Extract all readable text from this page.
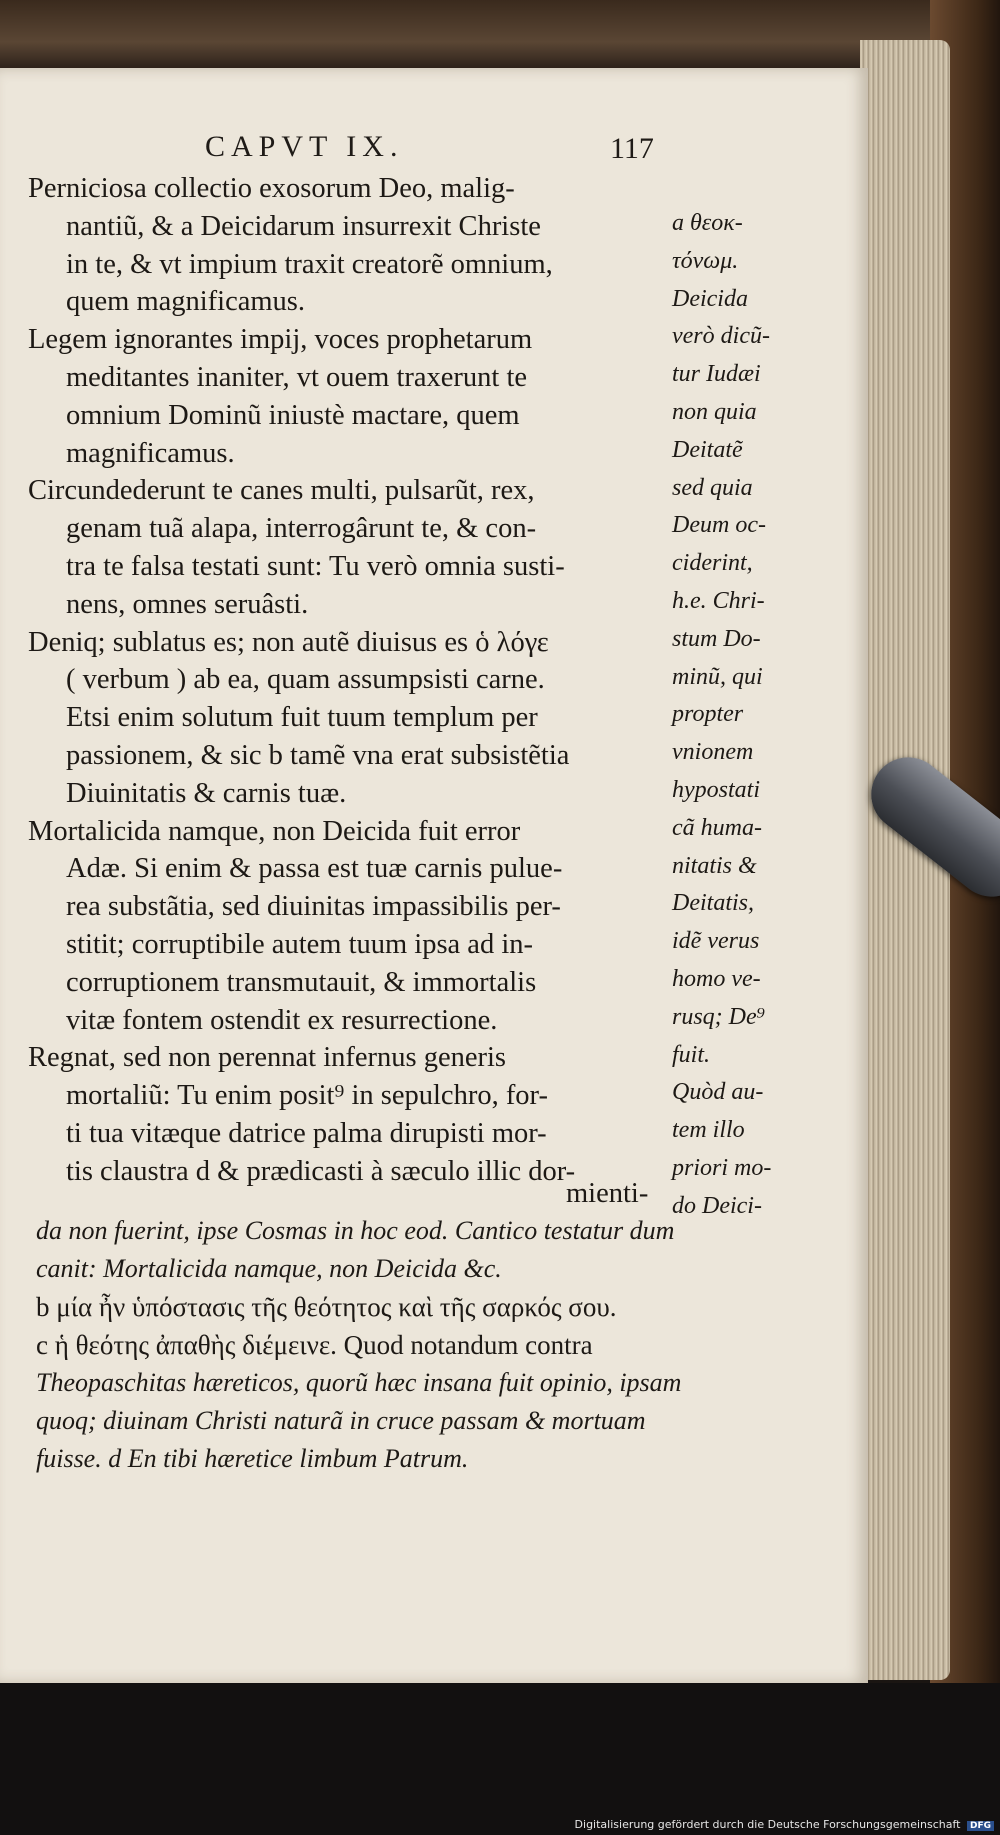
CAPVT IX.	117
Perniciosa collectio exosorum Deo, malig-
nantiũ, & a Deicidarum insurrexit Christe
in te, & vt impium traxit creatorẽ omnium,
quem magnificamus.
Legem ignorantes impij, voces prophetarum
meditantes inaniter, vt ouem traxerunt te
omnium Dominũ iniustè mactare, quem
magnificamus.
Circundederunt te canes multi, pulsarũt, rex,
genam tuã alapa, interrogârunt te, & con-
tra te falsa testati sunt: Tu verò omnia susti-
nens, omnes seruâsti.
Deniq; sublatus es; non autẽ diuisus es ὁ λόγε
( verbum ) ab ea, quam assumpsisti carne.
Etsi enim solutum fuit tuum templum per
passionem, & sic b tamẽ vna erat subsistẽtia
Diuinitatis & carnis tuæ.
Mortalicida namque, non Deicida fuit error
Adæ. Si enim & passa est tuæ carnis pulue-
rea substãtia, sed diuinitas impassibilis per-
stitit; corruptibile autem tuum ipsa ad in-
corruptionem transmutauit, & immortalis
vitæ fontem ostendit ex resurrectione.
Regnat, sed non perennat infernus generis
mortaliũ: Tu enim posit⁹ in sepulchro, for-
ti tua vitæque datrice palma dirupisti mor-
tis claustra d & prædicasti à sæculo illic dor-
mienti-
a θεοκ-
τόνωμ.
Deicida
verò dicũ-
tur Iudæi
non quia
Deitatẽ
sed quia
Deum oc-
ciderint,
h.e. Chri-
stum Do-
minũ, qui
propter
vnionem
hypostati
cã huma-
nitatis &
Deitatis,
idẽ verus
homo ve-
rusq; De⁹
fuit.
Quòd au-
tem illo
priori mo-
do Deici-
da non fuerint, ipse Cosmas in hoc eod. Cantico testatur dum
canit: Mortalicida namque, non Deicida &c.
b μία ἦν ὑπόστασις τῆς θεότητος καὶ τῆς σαρκός σου.
c ἡ θεότης ἀπαθὴς διέμεινε. Quod notandum contra
Theopaschitas hæreticos, quorũ hæc insana fuit opinio, ipsam
quoq; diuinam Christi naturã in cruce passam & mortuam
fuisse. d En tibi hæretice limbum Patrum.
Digitalisierung gefördert durch die Deutsche Forschungsgemeinschaft DFG
